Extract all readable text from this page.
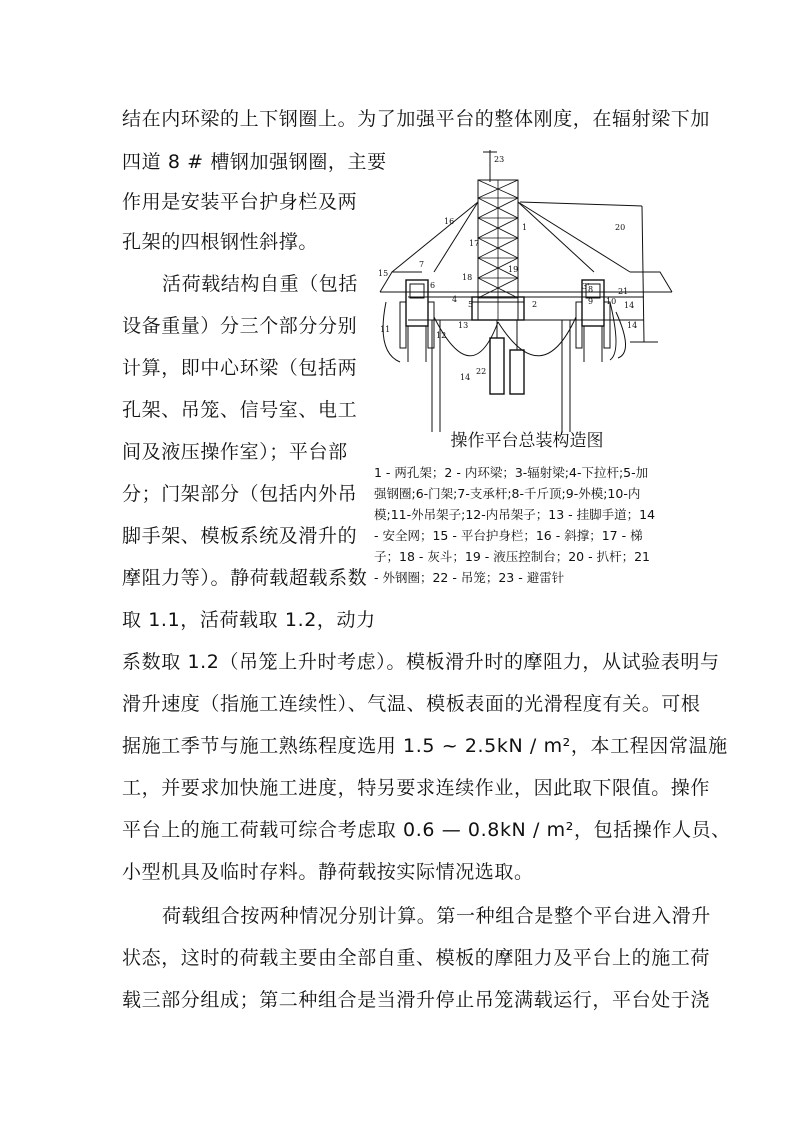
结在内环梁的上下钢圈上。为了加强平台的整体刚度，在辐射梁下加
四道 8 # 槽钢加强钢圈，主要
作用是安装平台护身栏及两
孔架的四根钢性斜撑。
活荷载结构自重（包括
设备重量）分三个部分分别
计算，即中心环梁（包括两
孔架、吊笼、信号室、电工
间及液压操作室）；平台部
分；门架部分（包括内外吊
脚手架、模板系统及滑升的
摩阻力等）。静荷载超载系数
取 1.1，活荷载取 1.2，动力
系数取 1.2（吊笼上升时考虑）。模板滑升时的摩阻力，从试验表明与
滑升速度（指施工连续性）、气温、模板表面的光滑程度有关。可根
据施工季节与施工熟练程度选用 1.5 ~ 2.5kN / m²，本工程因常温施
工，并要求加快施工进度，特另要求连续作业，因此取下限值。操作
平台上的施工荷载可综合考虑取 0.6 — 0.8kN / m²，包括操作人员、
小型机具及临时存料。静荷载按实际情况选取。
荷载组合按两种情况分别计算。第一种组合是整个平台进入滑升
状态，这时的荷载主要由全部自重、模板的摩阻力及平台上的施工荷
载三部分组成；第二种组合是当滑升停止吊笼满载运行，平台处于浇
23
1
17
16
20
15
7
18
19
3'
4
5	2
6	8
9 10
21
14
14
14
11
12
13
22
操作平台总装构造图
1 - 两孔架；2 - 内环梁；3-辐射梁;4-下拉杆;5-加
强钢圈;6-门架;7-支承杆;8-千斤顶;9-外模;10-内
模;11-外吊架子;12-内吊架子；13 - 挂脚手道；14
- 安全网；15 - 平台护身栏；16 - 斜撑；17 - 梯
子；18 - 灰斗；19 - 液压控制台；20 - 扒杆；21
- 外钢圈；22 - 吊笼；23 - 避雷针
